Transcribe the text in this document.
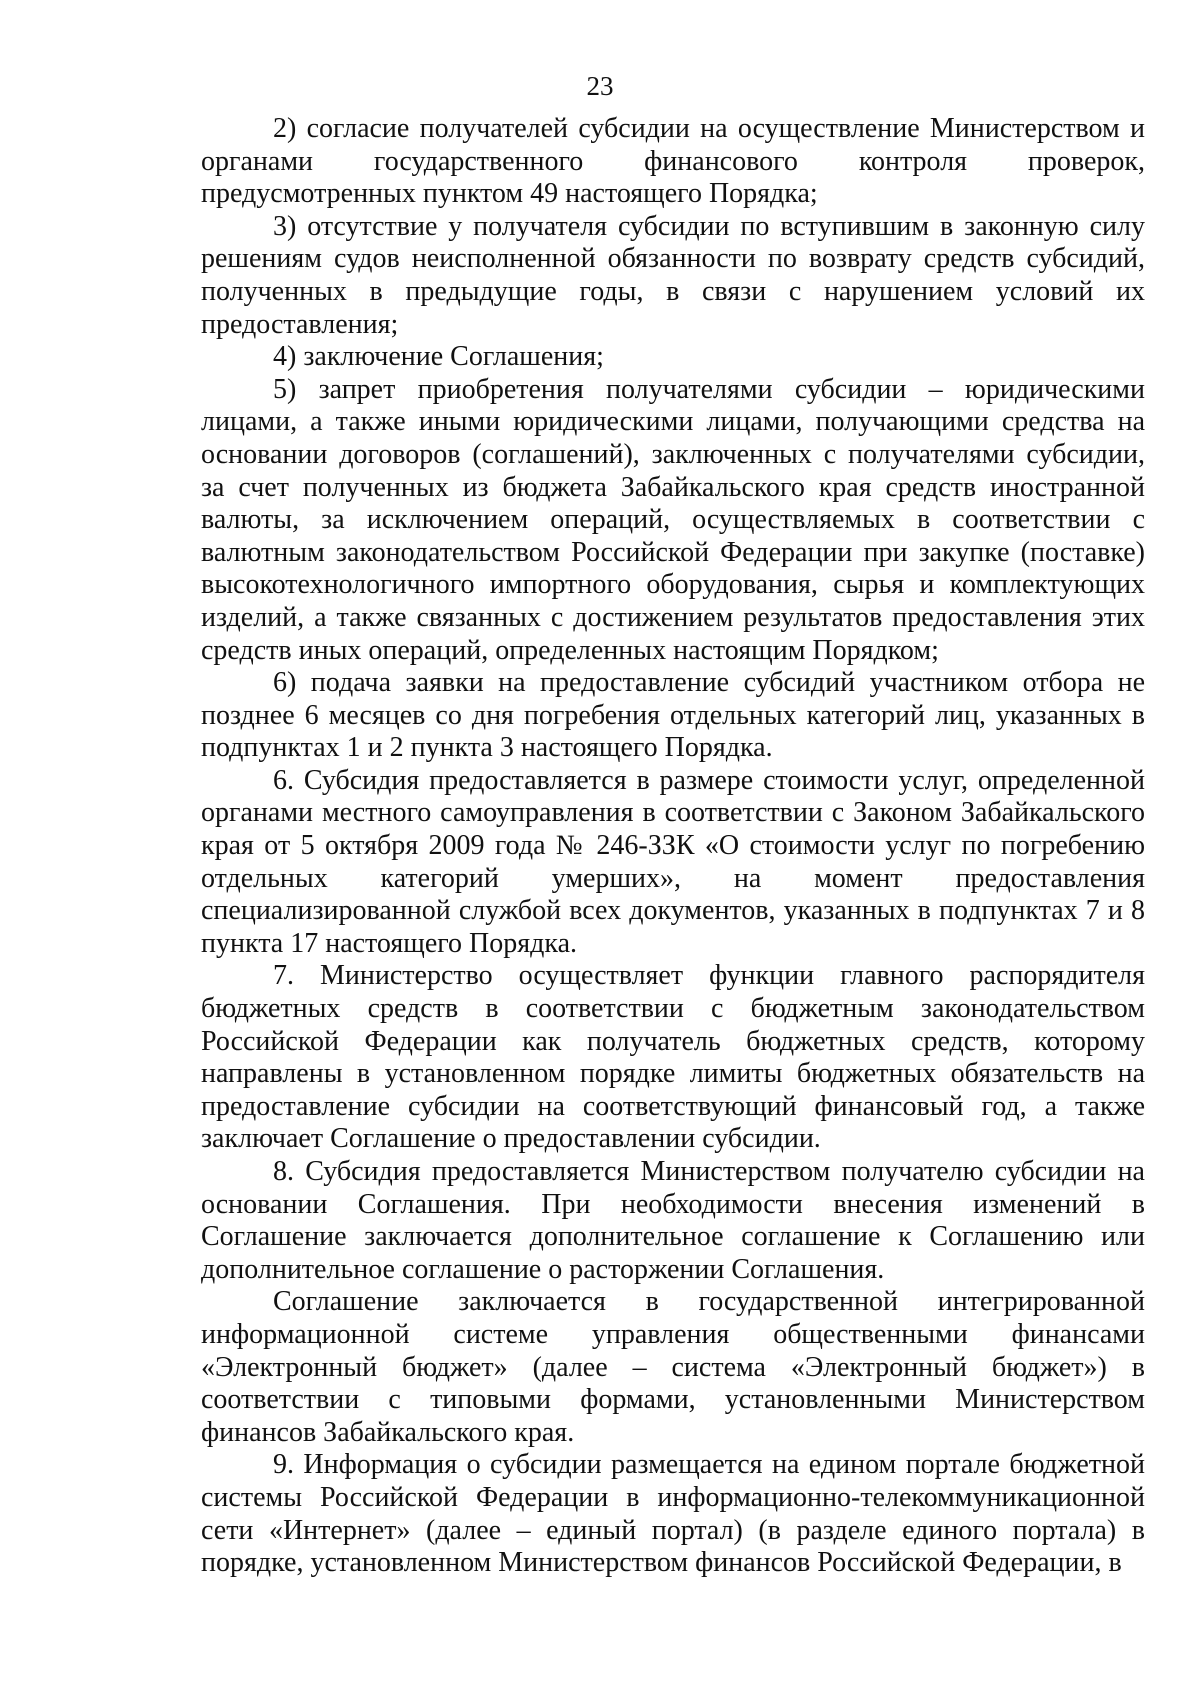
23

2) согласие получателей субсидии на осуществление Министерством и органами государственного финансового контроля проверок, предусмотренных пунктом 49 настоящего Порядка;

3) отсутствие у получателя субсидии по вступившим в законную силу решениям судов неисполненной обязанности по возврату средств субсидий, полученных в предыдущие годы, в связи с нарушением условий их предоставления;

4) заключение Соглашения;

5) запрет приобретения получателями субсидии – юридическими лицами, а также иными юридическими лицами, получающими средства на основании договоров (соглашений), заключенных с получателями субсидии, за счет полученных из бюджета Забайкальского края средств иностранной валюты, за исключением операций, осуществляемых в соответствии с валютным законодательством Российской Федерации при закупке (поставке) высокотехнологичного импортного оборудования, сырья и комплектующих изделий, а также связанных с достижением результатов предоставления этих средств иных операций, определенных настоящим Порядком;

6) подача заявки на предоставление субсидий участником отбора не позднее 6 месяцев со дня погребения отдельных категорий лиц, указанных в подпунктах 1 и 2 пункта 3 настоящего Порядка.

6. Субсидия предоставляется в размере стоимости услуг, определенной органами местного самоуправления в соответствии с Законом Забайкальского края от 5 октября 2009 года № 246-ЗЗК «О стоимости услуг по погребению отдельных категорий умерших», на момент предоставления специализированной службой всех документов, указанных в подпунктах 7 и 8 пункта 17 настоящего Порядка.

7. Министерство осуществляет функции главного распорядителя бюджетных средств в соответствии с бюджетным законодательством Российской Федерации как получатель бюджетных средств, которому направлены в установленном порядке лимиты бюджетных обязательств на предоставление субсидии на соответствующий финансовый год, а также заключает Соглашение о предоставлении субсидии.

8. Субсидия предоставляется Министерством получателю субсидии на основании Соглашения. При необходимости внесения изменений в Соглашение заключается дополнительное соглашение к Соглашению или дополнительное соглашение о расторжении Соглашения.

Соглашение заключается в государственной интегрированной информационной системе управления общественными финансами «Электронный бюджет» (далее – система «Электронный бюджет») в соответствии с типовыми формами, установленными Министерством финансов Забайкальского края.

9. Информация о субсидии размещается на едином портале бюджетной системы Российской Федерации в информационно-телекоммуникационной сети «Интернет» (далее – единый портал) (в разделе единого портала) в порядке, установленном Министерством финансов Российской Федерации, в
